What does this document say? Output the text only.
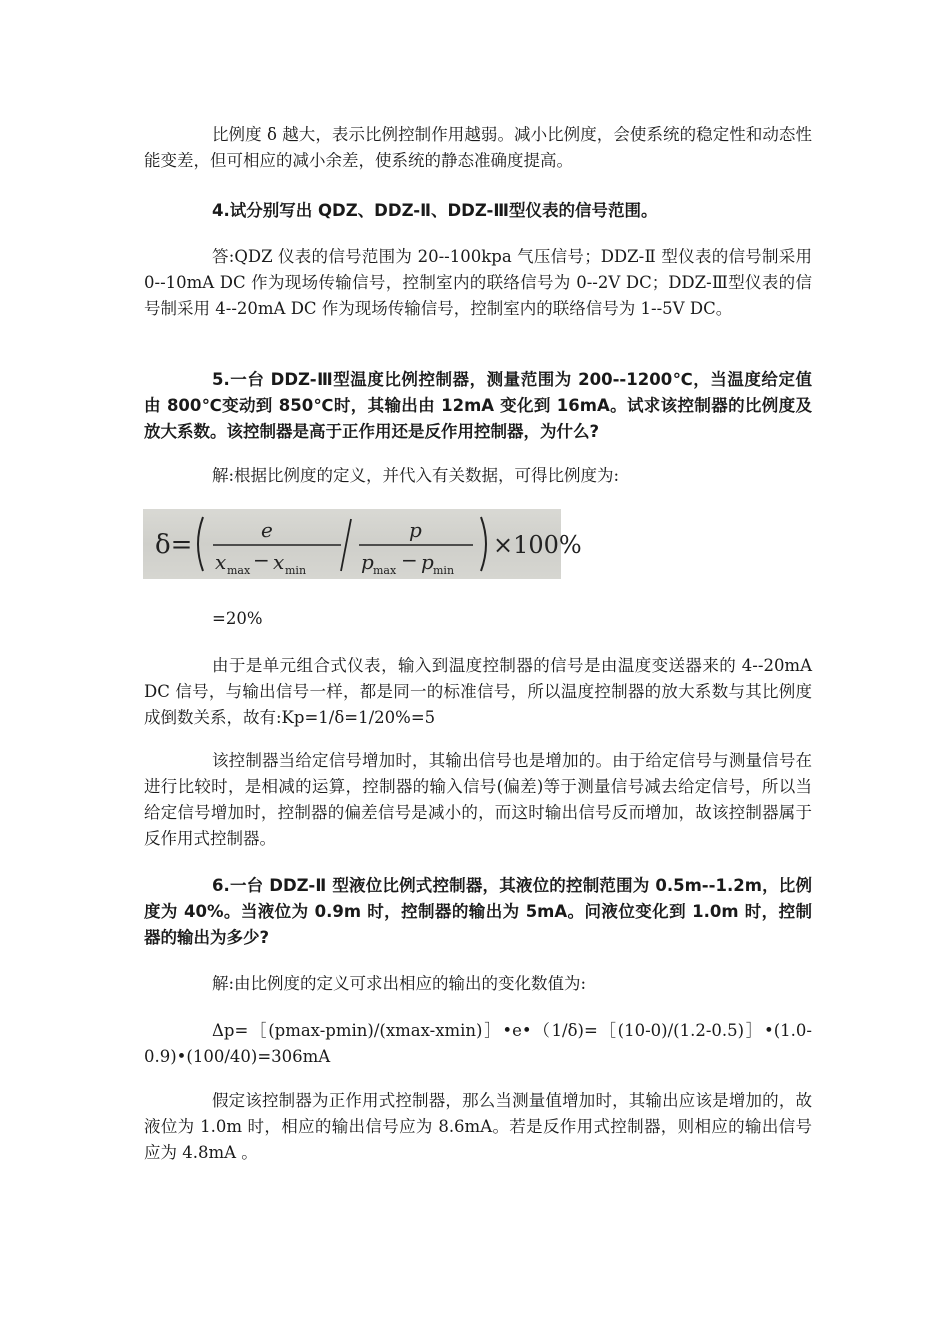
比例度 δ 越大，表示比例控制作用越弱。减小比例度，会使系统的稳定性和动态性能变差，但可相应的减小余差，使系统的静态准确度提高。

4.试分别写出 QDZ、DDZ-Ⅱ、DDZ-Ⅲ型仪表的信号范围。

答:QDZ 仪表的信号范围为 20--100kpa 气压信号；DDZ-Ⅱ 型仪表的信号制采用 0--10mA DC 作为现场传输信号，控制室内的联络信号为 0--2V DC；DDZ-Ⅲ型仪表的信号制采用 4--20mA DC 作为现场传输信号，控制室内的联络信号为 1--5V DC。

5.一台 DDZ-Ⅲ型温度比例控制器，测量范围为 200--1200℃，当温度给定值由 800℃变动到 850℃时，其输出由 12mA 变化到 16mA。试求该控制器的比例度及放大系数。该控制器是高于正作用还是反作用控制器，为什么?

解:根据比例度的定义，并代入有关数据，可得比例度为:

δ=	e
x max − x min
p
p max − p min
×100%

=20%

由于是单元组合式仪表，输入到温度控制器的信号是由温度变送器来的 4--20mA DC 信号，与输出信号一样，都是同一的标准信号，所以温度控制器的放大系数与其比例度成倒数关系，故有:Kp=1/δ=1/20%=5

该控制器当给定信号增加时，其输出信号也是增加的。由于给定信号与测量信号在进行比较时，是相减的运算，控制器的输入信号(偏差)等于测量信号减去给定信号，所以当给定信号增加时，控制器的偏差信号是减小的，而这时输出信号反而增加，故该控制器属于反作用式控制器。

6.一台 DDZ-Ⅱ 型液位比例式控制器，其液位的控制范围为 0.5m--1.2m，比例度为 40%。当液位为 0.9m 时，控制器的输出为 5mA。问液位变化到 1.0m 时，控制器的输出为多少?

解:由比例度的定义可求出相应的输出的变化数值为:

Δp=［(pmax-pmin)/(xmax-xmin)］•e•（1/δ)=［(10-0)/(1.2-0.5)］•(1.0-0.9)•(100/40)=306mA

假定该控制器为正作用式控制器，那么当测量值增加时，其输出应该是增加的，故液位为 1.0m 时，相应的输出信号应为 8.6mA。若是反作用式控制器，则相应的输出信号应为 4.8mA 。
